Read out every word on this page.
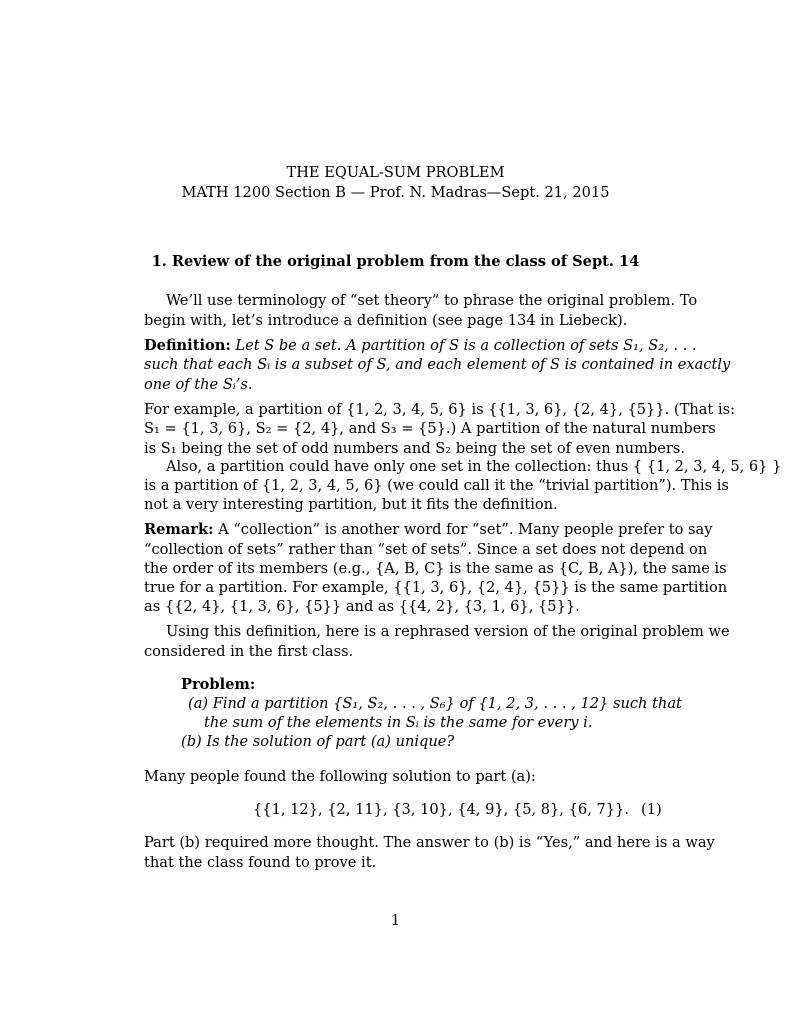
THE EQUAL-SUM PROBLEM
MATH 1200 Section B — Prof. N. Madras—Sept. 21, 2015
1. Review of the original problem from the class of Sept. 14
We’ll use terminology of “set theory” to phrase the original problem. To
begin with, let’s introduce a definition (see page 134 in Liebeck).
Definition: Let S be a set. A partition of S is a collection of sets S₁, S₂, . . .
such that each Sᵢ is a subset of S, and each element of S is contained in exactly
one of the Sᵢ’s.
For example, a partition of {1, 2, 3, 4, 5, 6} is {{1, 3, 6}, {2, 4}, {5}}. (That is:
S₁ = {1, 3, 6}, S₂ = {2, 4}, and S₃ = {5}.) A partition of the natural numbers
is S₁ being the set of odd numbers and S₂ being the set of even numbers.
Also, a partition could have only one set in the collection: thus { {1, 2, 3, 4, 5, 6} }
is a partition of {1, 2, 3, 4, 5, 6} (we could call it the “trivial partition”). This is
not a very interesting partition, but it fits the definition.
Remark: A “collection” is another word for “set”. Many people prefer to say
“collection of sets” rather than “set of sets”. Since a set does not depend on
the order of its members (e.g., {A, B, C} is the same as {C, B, A}), the same is
true for a partition. For example, {{1, 3, 6}, {2, 4}, {5}} is the same partition
as {{2, 4}, {1, 3, 6}, {5}} and as {{4, 2}, {3, 1, 6}, {5}}.
Using this definition, here is a rephrased version of the original problem we
considered in the first class.
Problem:
(a) Find a partition {S₁, S₂, . . . , S₆} of {1, 2, 3, . . . , 12} such that
the sum of the elements in Sᵢ is the same for every i.
(b) Is the solution of part (a) unique?
Many people found the following solution to part (a):
{{1, 12}, {2, 11}, {3, 10}, {4, 9}, {5, 8}, {6, 7}}. (1)
Part (b) required more thought. The answer to (b) is “Yes,” and here is a way
that the class found to prove it.
1
